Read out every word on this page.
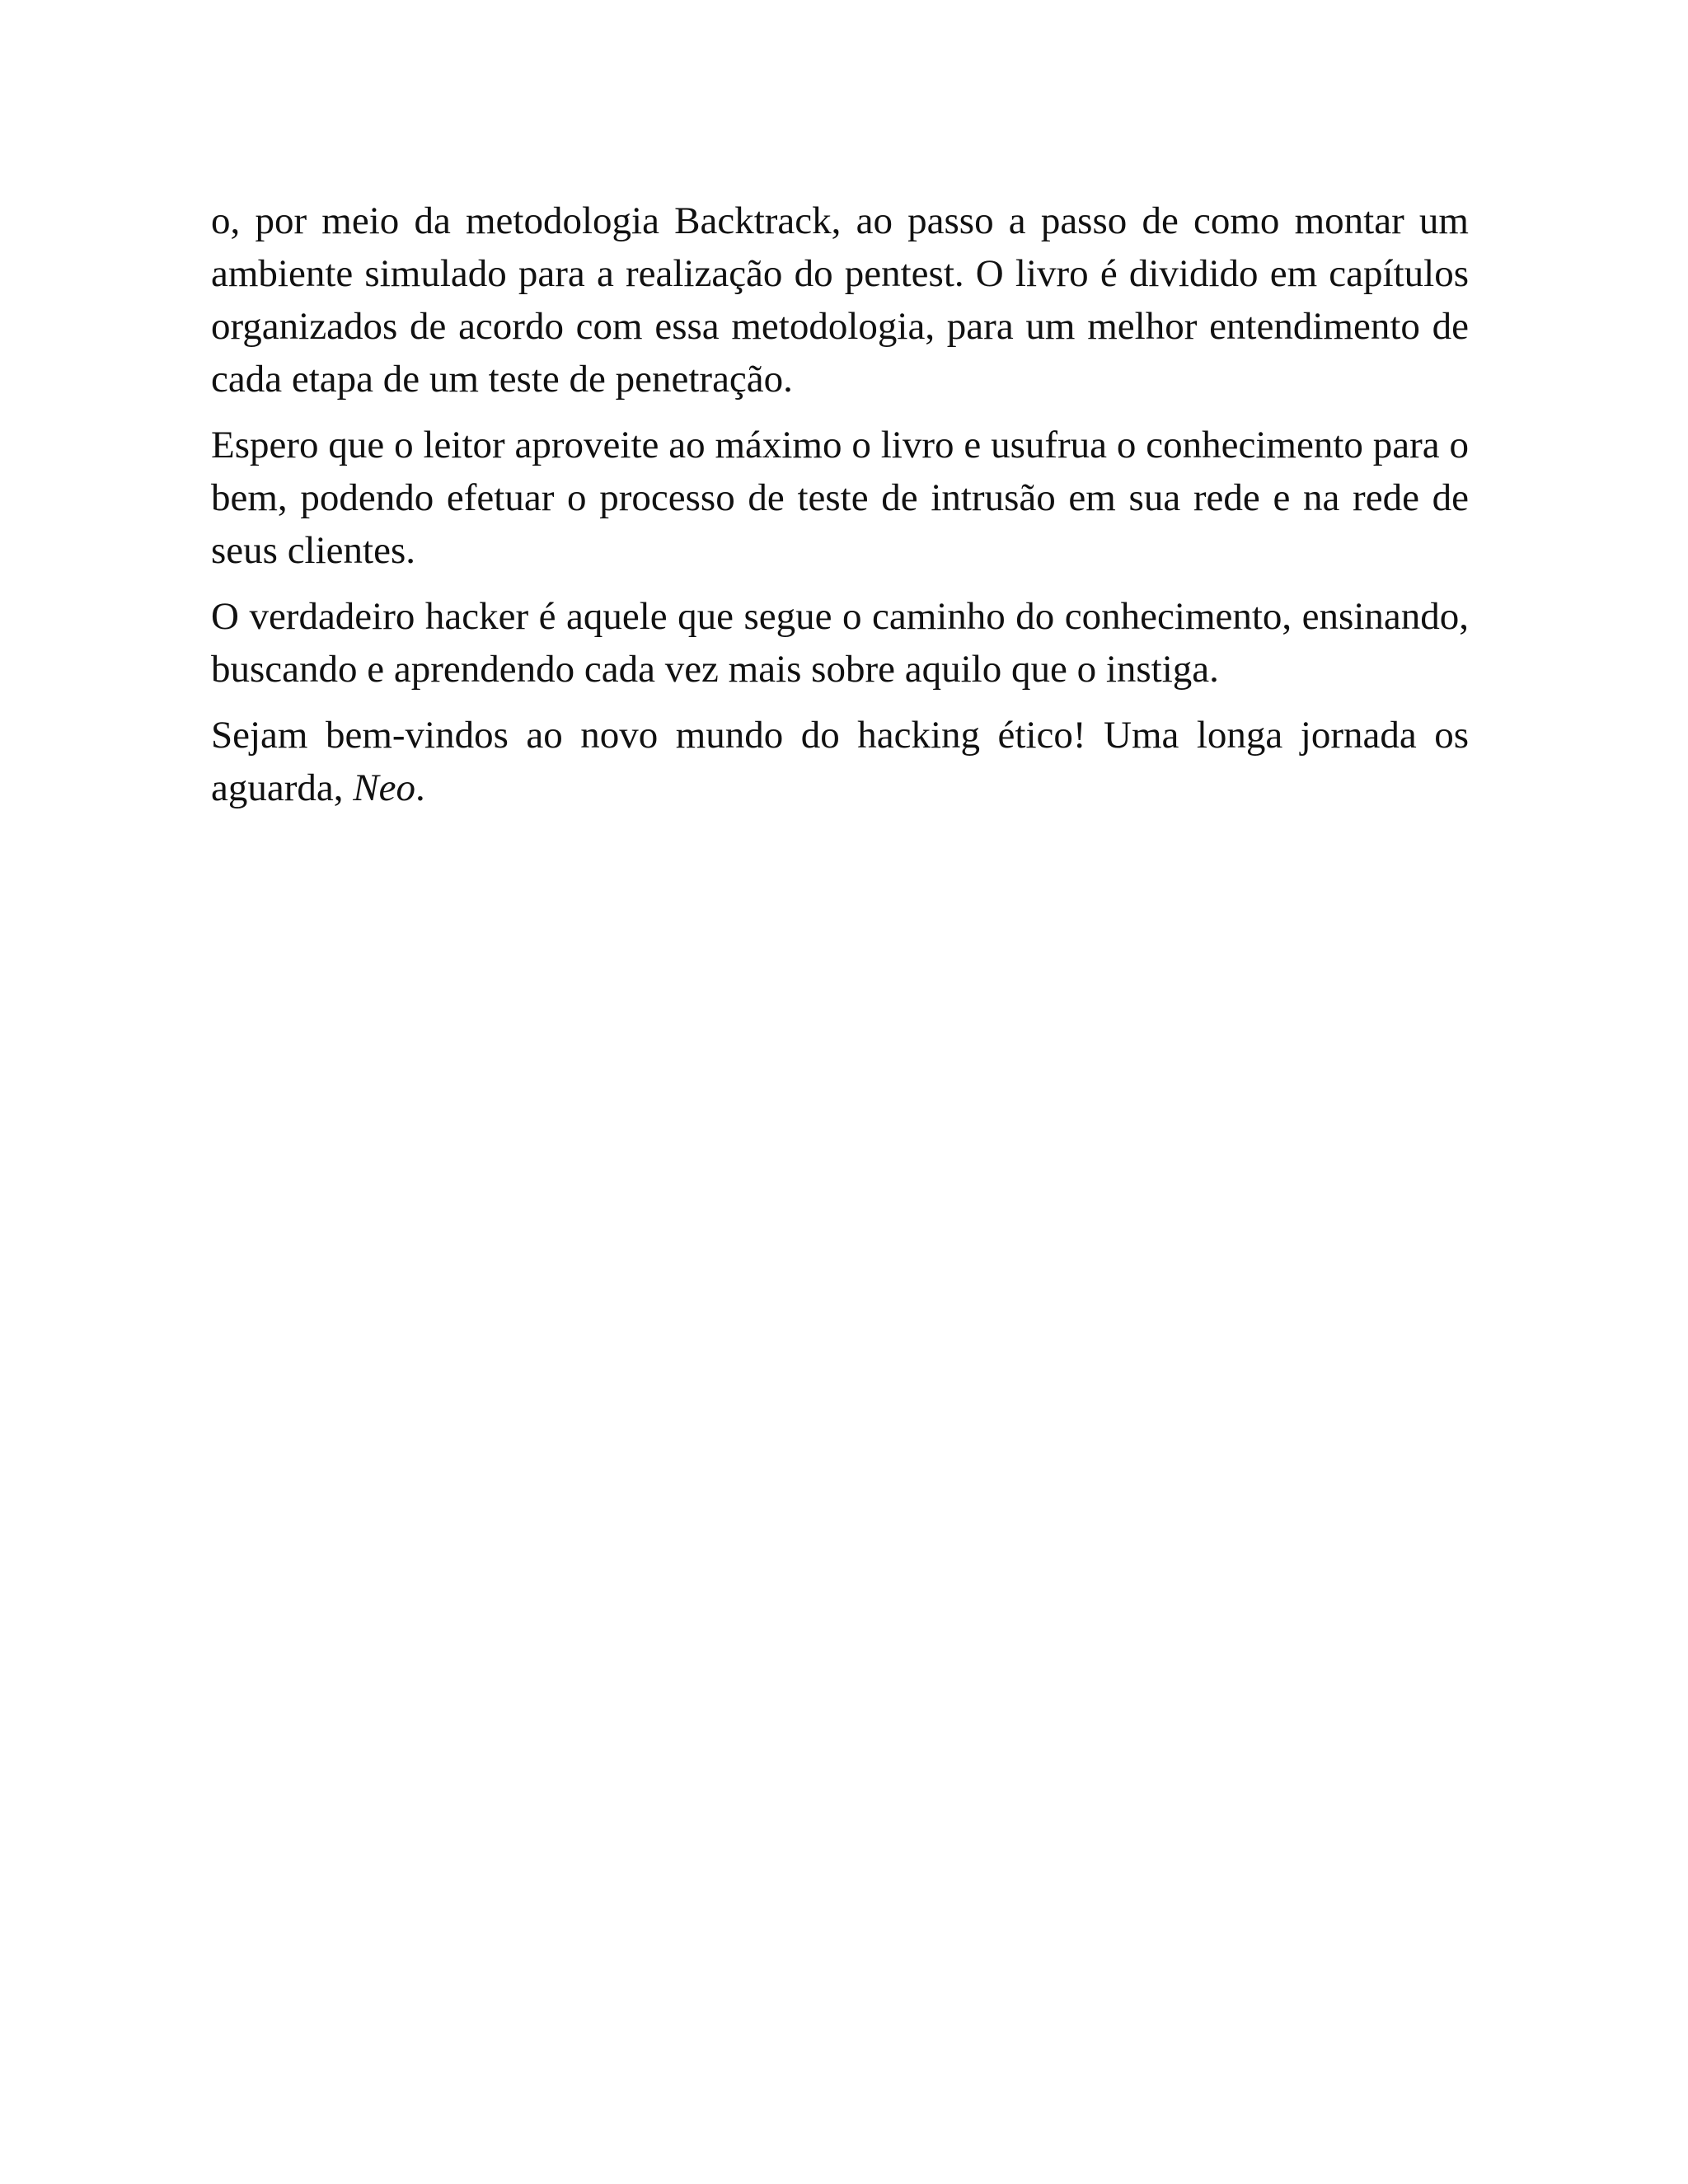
o, por meio da metodologia Backtrack, ao passo a passo de como montar um ambiente simulado para a realização do pentest. O livro é dividido em capítulos organizados de acordo com essa metodologia, para um melhor entendimento de cada etapa de um teste de penetração.

Espero que o leitor aproveite ao máximo o livro e usufrua o conhecimento para o bem, podendo efetuar o processo de teste de intrusão em sua rede e na rede de seus clientes.

O verdadeiro hacker é aquele que segue o caminho do conhecimento, ensinando, buscando e aprendendo cada vez mais sobre aquilo que o instiga.

Sejam bem-vindos ao novo mundo do hacking ético! Uma longa jornada os aguarda, Neo.
